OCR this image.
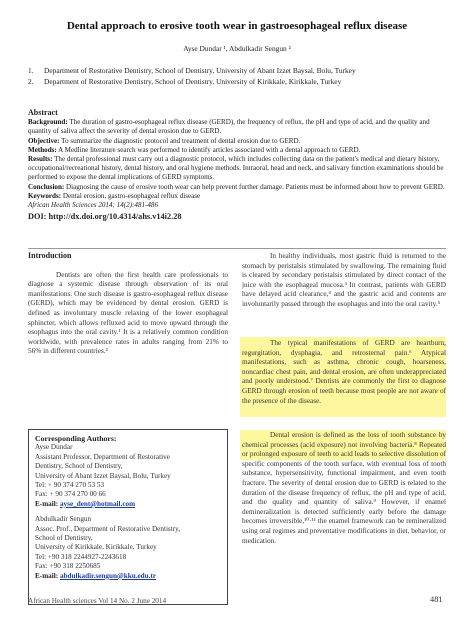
Dental approach to erosive tooth wear in gastroesophageal reflux disease
Ayse Dundar ¹, Abdulkadir Sengun ²
1. Department of Restorative Dentistry, School of Dentistry, University of Abant Izzet Baysal, Bolu, Turkey
2. Department of Restorative Dentistry, School of Dentistry, University of Kirikkale, Kirikkale, Turkey
Abstract
Background: The duration of gastro-esophageal reflux disease (GERD), the frequency of reflux, the pH and type of acid, and the quality and quantity of saliva affect the severity of dental erosion due to GERD.
Objective: To summarize the diagnostic protocol and treatment of dental erosion due to GERD.
Methods: A Medline literature search was performed to identify articles associated with a dental approach to GERD.
Results: The dental professional must carry out a diagnostic protocol, which includes collecting data on the patient's medical and dietary history, occupational/recreational history, dental history, and oral hygiene methods. Intraoral, head and neck, and salivary function examinations should be performed to expose the dental implications of GERD symptoms.
Conclusion: Diagnosing the cause of erosive tooth wear can help prevent further damage. Patients must be informed about how to prevent GERD.
Keywords: Dental erosion, gastro-esophageal reflux disease
African Health Sciences 2014; 14(2):481-486
DOI: http://dx.doi.org/10.4314/ahs.v14i2.28
Introduction

Dentists are often the first health care professionals to diagnose a systemic disease through observation of its oral manifestations. One such disease is gastro-esophageal reflux disease (GERD), which may be evidenced by dental erosion. GERD is defined as involuntary muscle relaxing of the lower esophageal sphincter, which allows refluxed acid to move upward through the esophagus into the oral cavity.¹ It is a relatively common condition worldwide, with prevalence rates in adults ranging from 21% to 56% in different countries.²

Corresponding Authors:
Ayse Dundar
Assistant Professor, Department of Restorative
Dentistry, School of Dentistry,
University of Abant Izzet Baysal, Bolu, Turkey
Tel: + 90 374 270 53 53
Fax: + 90 374 270 00 66
E-mail: ayse_dent@hotmail.com
Abdulkadir Sengun
Assoc. Prof., Department of Restorative Dentistry,
School of Dentistry,
University of Kirikkale, Kirikkale, Turkey
Tel: +90 318 2244927-2243618
Fax: +90 318 2250685
E-mail: abdulkadir.sengun@kku.edu.tr

In healthy individuals, most gastric fluid is returned to the stomach by peristalsis stimulated by swallowing. The remaining fluid is cleared by secondary peristalsis stimulated by direct contact of the juice with the esophageal mucosa.³ In contrast, patients with GERD have delayed acid clearance,⁴ and the gastric acid and contents are involuntarily passed through the esophagus and into the oral cavity.⁵

The typical manifestations of GERD are heartburn, regurgitation, dysphagia, and retrosternal pain.⁶ Atypical manifestations, such as asthma, chronic cough, hoarseness, noncardiac chest pain, and dental erosion, are often underappreciated and poorly understood.⁷ Dentists are commonly the first to diagnose GERD through erosion of teeth because most people are not aware of the presence of the disease.

Dental erosion is defined as the loss of tooth substance by chemical processes (acid exposure) not involving bacteria.⁸ Repeated or prolonged exposure of teeth to acid leads to selective dissolution of specific components of the tooth surface, with eventual loss of tooth substance, hypersensitivity, functional impairment, and even tooth fracture. The severity of dental erosion due to GERD is related to the duration of the disease frequency of reflux, the pH and type of acid, and the quality and quantity of saliva.⁹ However, if enamel demineralization is detected sufficiently early before the damage becomes irreversible,¹⁰·¹¹ the enamel framework can be remineralized using oral regimes and preventative modifications in diet, behavior, or medication.

African Health sciences Vol 14 No. 2 June 2014	481
